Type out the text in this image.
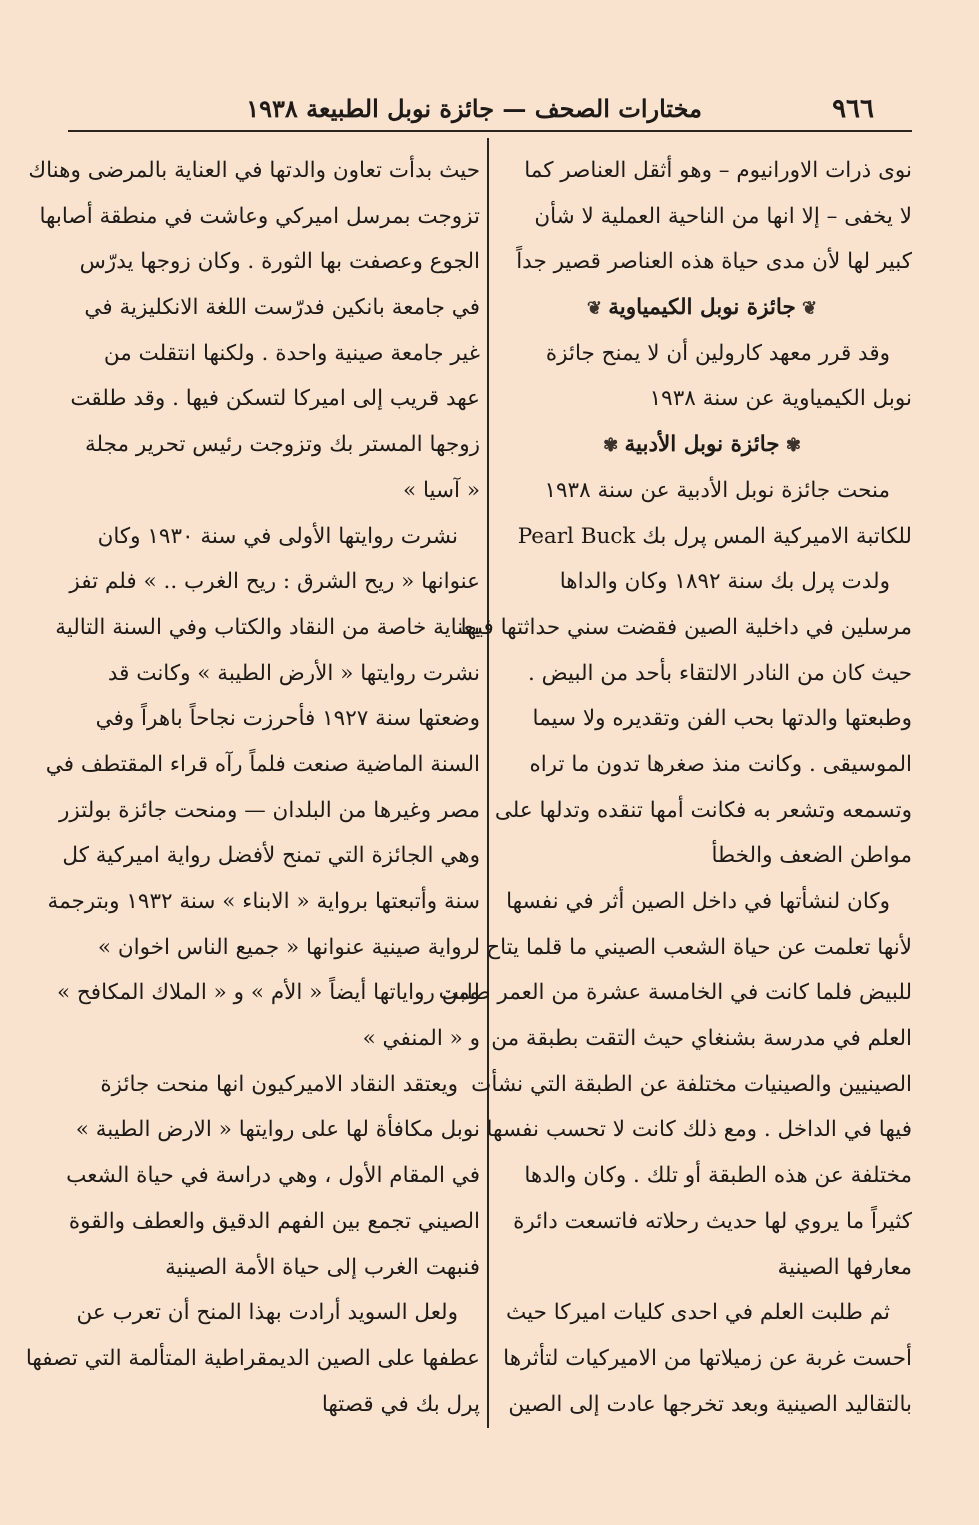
٩٦٦
مختارات الصحف — جائزة نوبل الطبيعة ١٩٣٨
نوى ذرات الاورانيوم – وهو أثقل العناصر كما
لا يخفى – إلا انها من الناحية العملية لا شأن
كبير لها لأن مدى حياة هذه العناصر قصير جداً
❦ جائزة نوبل الكيمياوية ❦
وقد قرر معهد كارولين أن لا يمنح جائزة
نوبل الكيمياوية عن سنة ١٩٣٨
✾ جائزة نوبل الأدبية ✾
منحت جائزة نوبل الأدبية عن سنة ١٩٣٨
للكاتبة الاميركية المس پرل بك Pearl Buck
ولدت پرل بك سنة ١٨٩٢ وكان والداها
مرسلين في داخلية الصين فقضت سني حداثتها فيها
حيث كان من النادر الالتقاء بأحد من البيض .
وطبعتها والدتها بحب الفن وتقديره ولا سيما
الموسيقى . وكانت منذ صغرها تدون ما تراه
وتسمعه وتشعر به فكانت أمها تنقده وتدلها على
مواطن الضعف والخطأ
وكان لنشأتها في داخل الصين أثر في نفسها
لأنها تعلمت عن حياة الشعب الصيني ما قلما يتاح
للبيض فلما كانت في الخامسة عشرة من العمر طلبت
العلم في مدرسة بشنغاي حيث التقت بطبقة من
الصينيين والصينيات مختلفة عن الطبقة التي نشأت
فيها في الداخل . ومع ذلك كانت لا تحسب نفسها
مختلفة عن هذه الطبقة أو تلك . وكان والدها
كثيراً ما يروي لها حديث رحلاته فاتسعت دائرة
معارفها الصينية
ثم طلبت العلم في احدى كليات اميركا حيث
أحست غربة عن زميلاتها من الاميركيات لتأثرها
بالتقاليد الصينية وبعد تخرجها عادت إلى الصين
حيث بدأت تعاون والدتها في العناية بالمرضى وهناك
تزوجت بمرسل اميركي وعاشت في منطقة أصابها
الجوع وعصفت بها الثورة . وكان زوجها يدرّس
في جامعة بانكين فدرّست اللغة الانكليزية في
غير جامعة صينية واحدة . ولكنها انتقلت من
عهد قريب إلى اميركا لتسكن فيها . وقد طلقت
زوجها المستر بك وتزوجت رئيس تحرير مجلة
« آسيا »
نشرت روايتها الأولى في سنة ١٩٣٠ وكان
عنوانها « ريح الشرق : ريح الغرب .. » فلم تفز
بعناية خاصة من النقاد والكتاب وفي السنة التالية
نشرت روايتها « الأرض الطيبة » وكانت قد
وضعتها سنة ١٩٢٧ فأحرزت نجاحاً باهراً وفي
السنة الماضية صنعت فلماً رآه قراء المقتطف في
مصر وغيرها من البلدان — ومنحت جائزة بولتزر
وهي الجائزة التي تمنح لأفضل رواية اميركية كل
سنة وأتبعتها برواية « الابناء » سنة ١٩٣٢ وبترجمة
لرواية صينية عنوانها « جميع الناس اخوان »
ومن رواياتها أيضاً « الأم » و « الملاك المكافح »
و « المنفي »
ويعتقد النقاد الاميركيون انها منحت جائزة
نوبل مكافأة لها على روايتها « الارض الطيبة »
في المقام الأول ، وهي دراسة في حياة الشعب
الصيني تجمع بين الفهم الدقيق والعطف والقوة
فنبهت الغرب إلى حياة الأمة الصينية
ولعل السويد أرادت بهذا المنح أن تعرب عن
عطفها على الصين الديمقراطية المتألمة التي تصفها
پرل بك في قصتها
